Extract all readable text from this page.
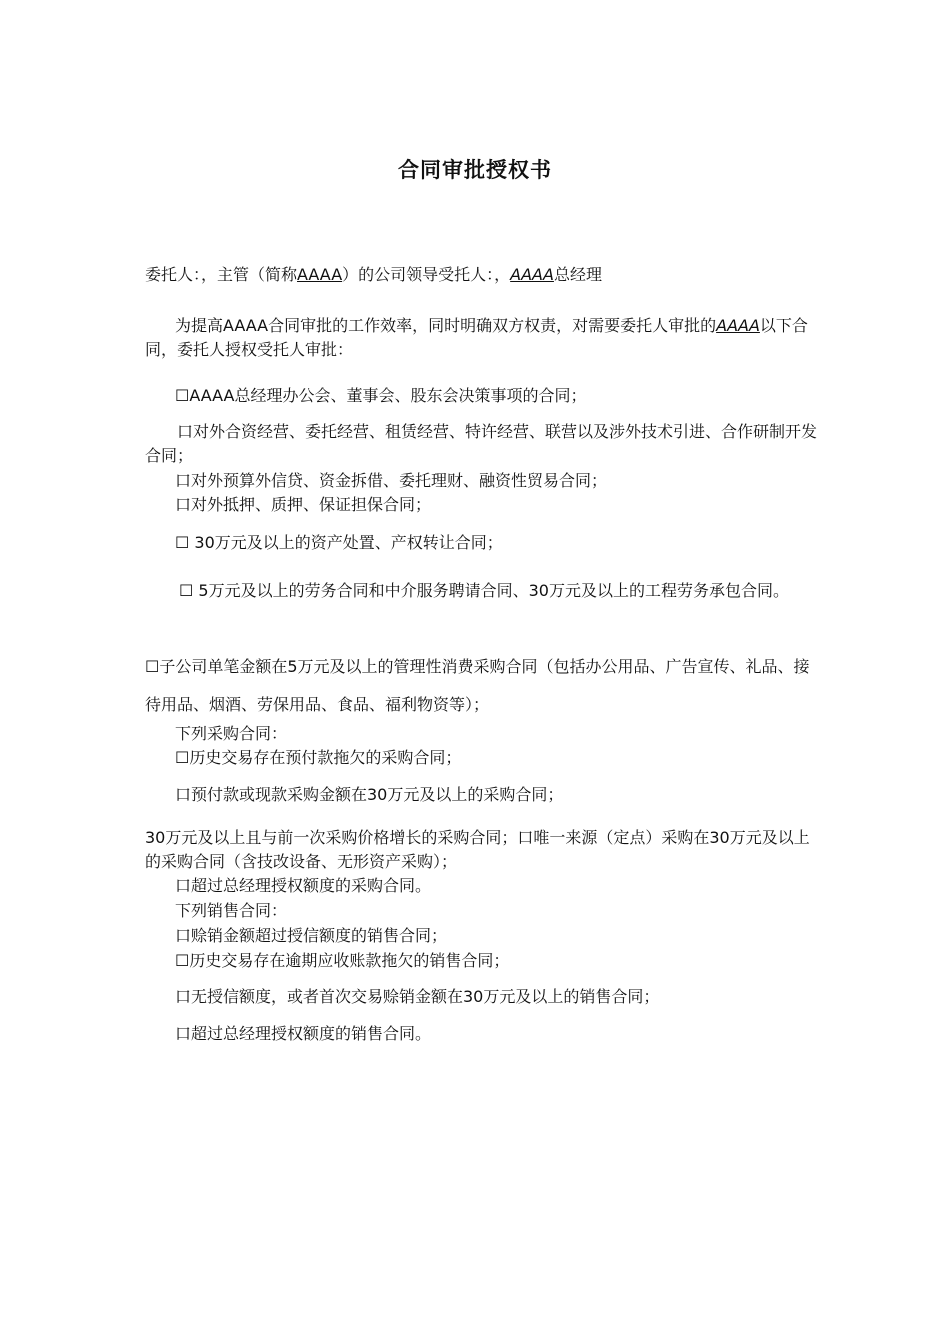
合同审批授权书
委托人：，主管（简称AAAA）的公司领导受托人：，AAAA总经理
为提高AAAA合同审批的工作效率，同时明确双方权责，对需要委托人审批的AAAA以下合同，委托人授权受托人审批：
☐AAAA总经理办公会、董事会、股东会决策事项的合同；
口对外合资经营、委托经营、租赁经营、特许经营、联营以及涉外技术引进、合作研制开发合同；
口对外预算外信贷、资金拆借、委托理财、融资性贸易合同；
口对外抵押、质押、保证担保合同；
☐ 30万元及以上的资产处置、产权转让合同；
☐ 5万元及以上的劳务合同和中介服务聘请合同、30万元及以上的工程劳务承包合同。
☐子公司单笔金额在5万元及以上的管理性消费采购合同（包括办公用品、广告宣传、礼品、接待用品、烟酒、劳保用品、食品、福利物资等）；
下列采购合同：
☐历史交易存在预付款拖欠的采购合同；
口预付款或现款采购金额在30万元及以上的采购合同；
30万元及以上且与前一次采购价格增长的采购合同；口唯一来源（定点）采购在30万元及以上的采购合同（含技改设备、无形资产采购）；
口超过总经理授权额度的采购合同。
下列销售合同：
口赊销金额超过授信额度的销售合同；
☐历史交易存在逾期应收账款拖欠的销售合同；
口无授信额度，或者首次交易赊销金额在30万元及以上的销售合同；
口超过总经理授权额度的销售合同。
